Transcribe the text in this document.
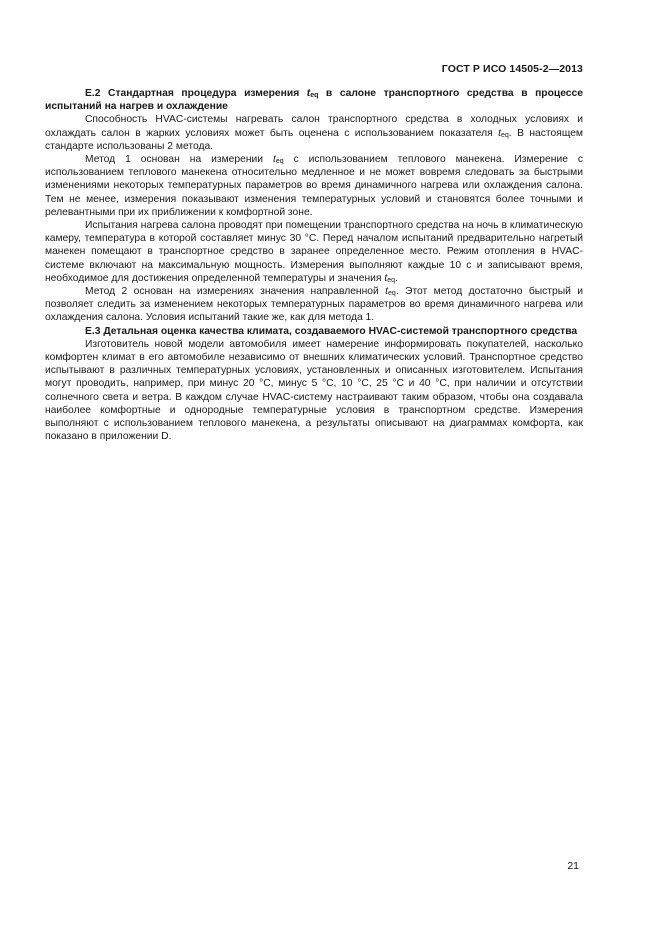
ГОСТ Р ИСО 14505-2—2013

Е.2 Стандартная процедура измерения $t_{eq}$ в салоне транспортного средства в процессе испытаний на нагрев и охлаждение

Способность HVAC-системы нагревать салон транспортного средства в холодных условиях и охлаждать салон в жарких условиях может быть оценена с использованием показателя $t_{eq}$. В настоящем стандарте использованы 2 метода.

Метод 1 основан на измерении $t_{eq}$ с использованием теплового манекена. Измерение с использованием теплового манекена относительно медленное и не может вовремя следовать за быстрыми изменениями некоторых температурных параметров во время динамичного нагрева или охлаждения салона. Тем не менее, измерения показывают изменения температурных условий и становятся более точными и релевантными при их приближении к комфортной зоне.

Испытания нагрева салона проводят при помещении транспортного средства на ночь в климатическую камеру, температура в которой составляет минус 30 °С. Перед началом испытаний предварительно нагретый манекен помещают в транспортное средство в заранее определенное место. Режим отопления в HVAC-системе включают на максимальную мощность. Измерения выполняют каждые 10 с и записывают время, необходимое для достижения определенной температуры и значения $t_{eq}$.

Метод 2 основан на измерениях значения направленной $t_{eq}$. Этот метод достаточно быстрый и позволяет следить за изменением некоторых температурных параметров во время динамичного нагрева или охлаждения салона. Условия испытаний такие же, как для метода 1.

Е.3 Детальная оценка качества климата, создаваемого HVAC-системой транспортного средства

Изготовитель новой модели автомобиля имеет намерение информировать покупателей, насколько комфортен климат в его автомобиле независимо от внешних климатических условий. Транспортное средство испытывают в различных температурных условиях, установленных и описанных изготовителем. Испытания могут проводить, например, при минус 20 °С, минус 5 °С, 10 °С, 25 °С и 40 °С, при наличии и отсутствии солнечного света и ветра. В каждом случае HVAC-систему настраивают таким образом, чтобы она создавала наиболее комфортные и однородные температурные условия в транспортном средстве. Измерения выполняют с использованием теплового манекена, а результаты описывают на диаграммах комфорта, как показано в приложении D.

21
